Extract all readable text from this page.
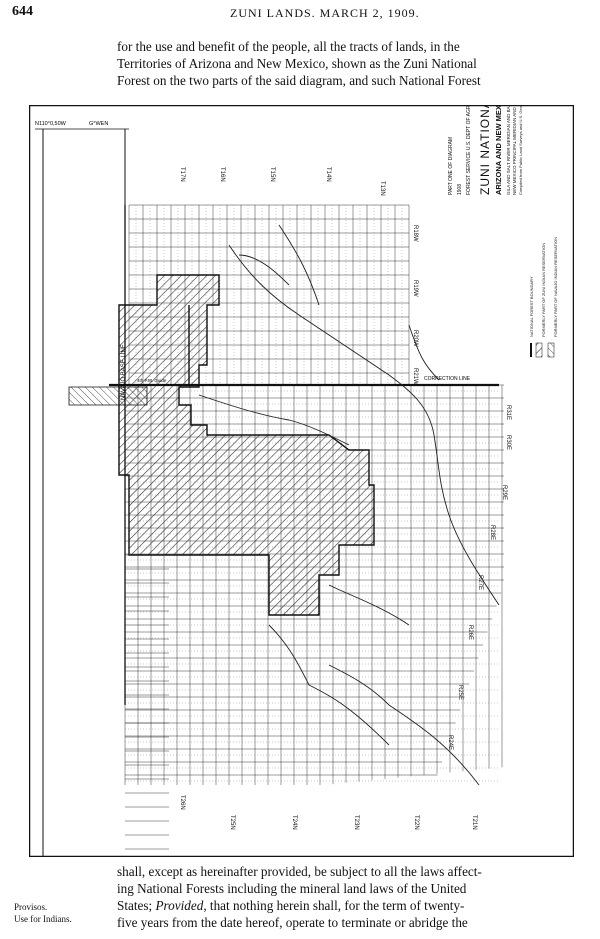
644	ZUNI LANDS. MARCH 2, 1909.

for the use and benefit of the people, all the tracts of lands, in the
Territories of Arizona and New Mexico, shown as the Zuni National
Forest on the two parts of the said diagram, and such National Forest

N110°0,50W	G°WEN
T17N	T16N	T15N	T14N
T13N
T26N
T25N	T24N	T23N	T22N	T21N
R18W
R19W
R20W
R21W
R31E
R30E
R29E
R28E
R27E
R26E
R25E
R24E
NAVAJO BASE LINE	CORRECTION LINE
4th P.M. Guide
PART ONE OF DIAGRAM 1908 FOREST SERVICE U.S. DEPT OF AGRICULTURE ZUNI NATIONAL FOREST ARIZONA AND NEW MEXICO GILA AND SALT RIVER MERIDIAN AND BASE NEW MEXICO PRINCIPAL MERIDIAN AND BASE Compiled from Public Land Surveys and U.S. Geol. Survey
NATIONAL FOREST BOUNDARY FORMERLY PART OF ZUNI INDIAN RESERVATION FORMERLY PART OF NAVAJO INDIAN RESERVATION
Provisos.
Use for Indians.

shall, except as hereinafter provided, be subject to all the laws affect-
ing National Forests including the mineral land laws of the United
States; Provided, that nothing herein shall, for the term of twenty-
five years from the date hereof, operate to terminate or abridge the
